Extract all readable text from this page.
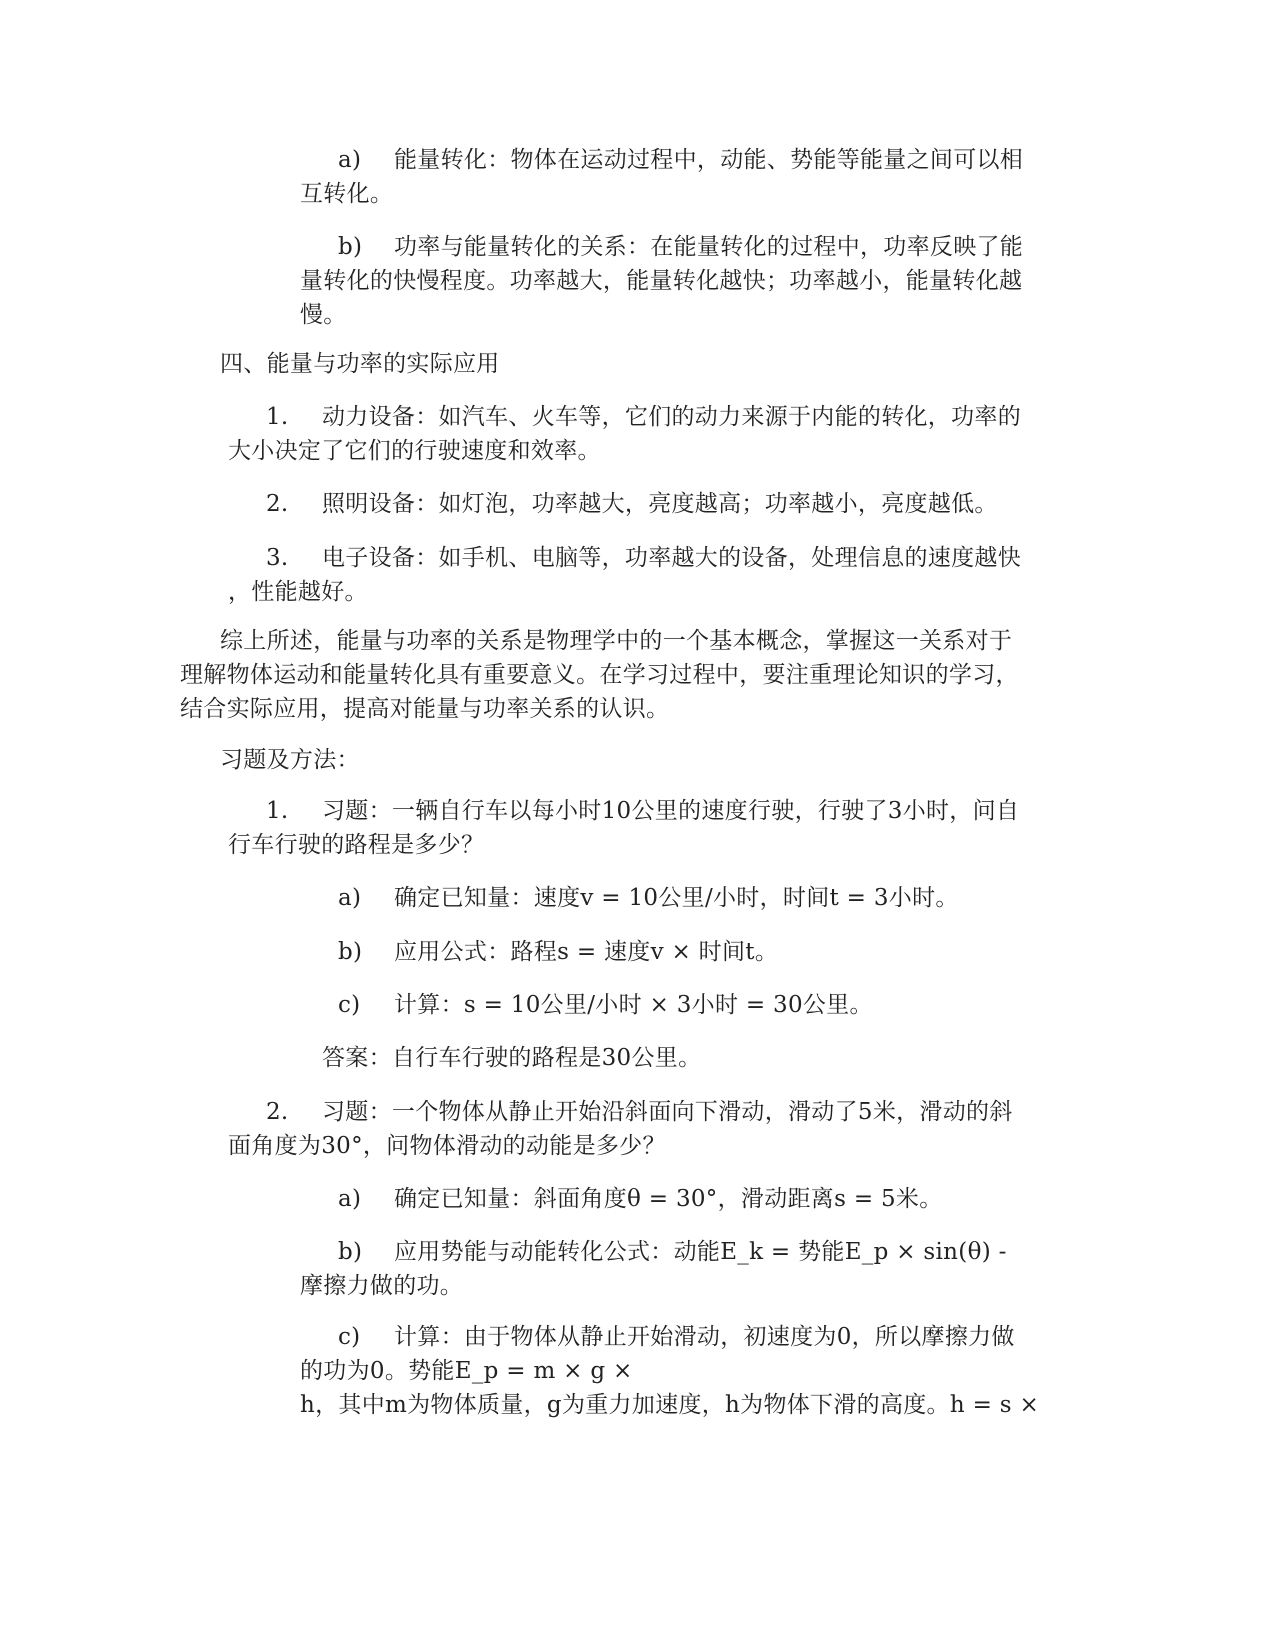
a) 能量转化：物体在运动过程中，动能、势能等能量之间可以相
互转化。
b) 功率与能量转化的关系：在能量转化的过程中，功率反映了能
量转化的快慢程度。功率越大，能量转化越快；功率越小，能量转化越
慢。
四、能量与功率的实际应用
1. 动力设备：如汽车、火车等，它们的动力来源于内能的转化，功率的
大小决定了它们的行驶速度和效率。
2. 照明设备：如灯泡，功率越大，亮度越高；功率越小，亮度越低。
3. 电子设备：如手机、电脑等，功率越大的设备，处理信息的速度越快
，性能越好。
综上所述，能量与功率的关系是物理学中的一个基本概念，掌握这一关系对于
理解物体运动和能量转化具有重要意义。在学习过程中，要注重理论知识的学习，
结合实际应用，提高对能量与功率关系的认识。
习题及方法：
1. 习题：一辆自行车以每小时10公里的速度行驶，行驶了3小时，问自
行车行驶的路程是多少？
a) 确定已知量：速度v = 10公里/小时，时间t = 3小时。
b) 应用公式：路程s = 速度v × 时间t。
c) 计算：s = 10公里/小时 × 3小时 = 30公里。
答案：自行车行驶的路程是30公里。
2. 习题：一个物体从静止开始沿斜面向下滑动，滑动了5米，滑动的斜
面角度为30°，问物体滑动的动能是多少？
a) 确定已知量：斜面角度θ = 30°，滑动距离s = 5米。
b) 应用势能与动能转化公式：动能E_k = 势能E_p × sin(θ) -
摩擦力做的功。
c) 计算：由于物体从静止开始滑动，初速度为0，所以摩擦力做
的功为0。势能E_p = m × g ×
h，其中m为物体质量，g为重力加速度，h为物体下滑的高度。h = s ×
